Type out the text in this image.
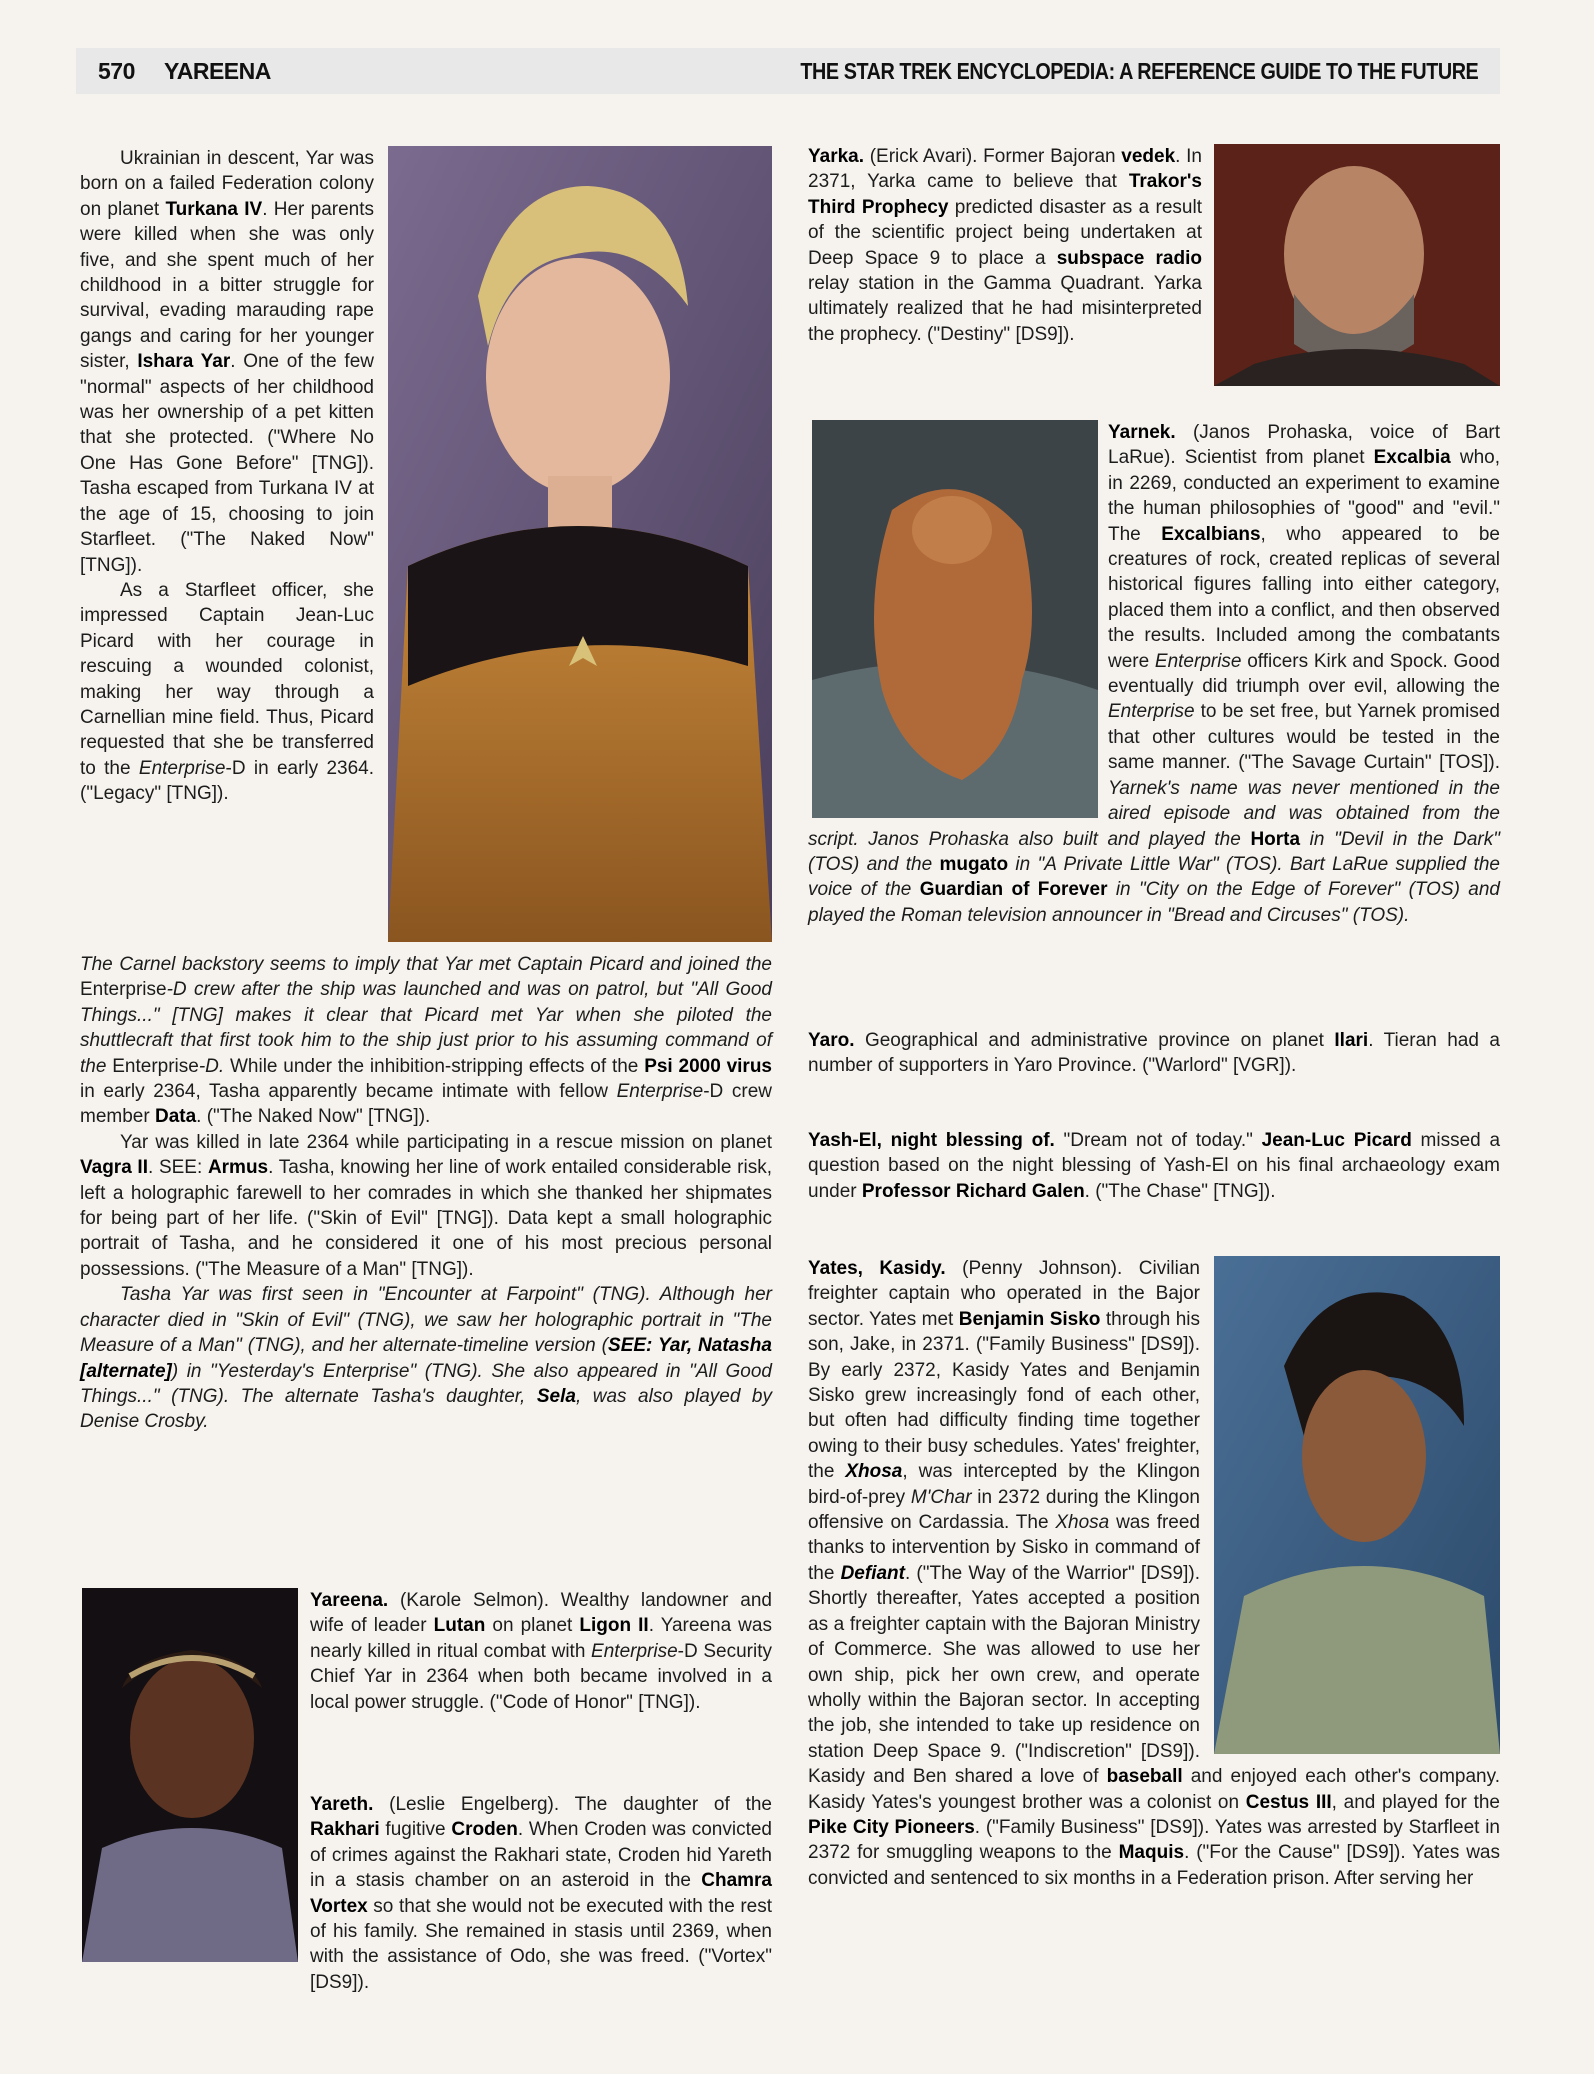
570 YAREENA	THE STAR TREK ENCYCLOPEDIA: A REFERENCE GUIDE TO THE FUTURE

Ukrainian in descent, Yar was born on a failed Federation colony on planet Turkana IV. Her parents were killed when she was only five, and she spent much of her childhood in a bitter struggle for survival, evading marauding rape gangs and caring for her younger sister, Ishara Yar. One of the few "normal" aspects of her childhood was her ownership of a pet kitten that she protected. ("Where No One Has Gone Before" [TNG]). Tasha escaped from Turkana IV at the age of 15, choosing to join Starfleet. ("The Naked Now" [TNG]).

As a Starfleet officer, she impressed Captain Jean-Luc Picard with her courage in rescuing a wounded colonist, making her way through a Carnellian mine field. Thus, Picard requested that she be transferred to the Enterprise-D in early 2364. ("Legacy" [TNG]).

The Carnel backstory seems to imply that Yar met Captain Picard and joined the Enterprise-D crew after the ship was launched and was on patrol, but "All Good Things..." [TNG] makes it clear that Picard met Yar when she piloted the shuttlecraft that first took him to the ship just prior to his assuming command of the Enterprise-D. While under the inhibition-stripping effects of the Psi 2000 virus in early 2364, Tasha apparently became intimate with fellow Enterprise-D crew member Data. ("The Naked Now" [TNG]).

Yar was killed in late 2364 while participating in a rescue mission on planet Vagra II. SEE: Armus. Tasha, knowing her line of work entailed considerable risk, left a holographic farewell to her comrades in which she thanked her shipmates for being part of her life. ("Skin of Evil" [TNG]). Data kept a small holographic portrait of Tasha, and he considered it one of his most precious personal possessions. ("The Measure of a Man" [TNG]).

Tasha Yar was first seen in "Encounter at Farpoint" (TNG). Although her character died in "Skin of Evil" (TNG), we saw her holographic portrait in "The Measure of a Man" (TNG), and her alternate-timeline version (SEE: Yar, Natasha [alternate]) in "Yesterday's Enterprise" (TNG). She also appeared in "All Good Things..." (TNG). The alternate Tasha's daughter, Sela, was also played by Denise Crosby.

Yareena. (Karole Selmon). Wealthy landowner and wife of leader Lutan on planet Ligon II. Yareena was nearly killed in ritual combat with Enterprise-D Security Chief Yar in 2364 when both became involved in a local power struggle. ("Code of Honor" [TNG]).

Yareth. (Leslie Engelberg). The daughter of the Rakhari fugitive Croden. When Croden was convicted of crimes against the Rakhari state, Croden hid Yareth in a stasis chamber on an asteroid in the Chamra Vortex so that she would not be executed with the rest of his family. She remained in stasis until 2369, when with the assistance of Odo, she was freed. ("Vortex" [DS9]).

Yarka. (Erick Avari). Former Bajoran vedek. In 2371, Yarka came to believe that Trakor's Third Prophecy predicted disaster as a result of the scientific project being undertaken at Deep Space 9 to place a subspace radio relay station in the Gamma Quadrant. Yarka ultimately realized that he had misinterpreted the prophecy. ("Destiny" [DS9]).

Yarnek. (Janos Prohaska, voice of Bart LaRue). Scientist from planet Excalbia who, in 2269, conducted an experiment to examine the human philosophies of "good" and "evil." The Excalbians, who appeared to be creatures of rock, created replicas of several historical figures falling into either category, placed them into a conflict, and then observed the results. Included among the combatants were Enterprise officers Kirk and Spock. Good eventually did triumph over evil, allowing the Enterprise to be set free, but Yarnek promised that other cultures would be tested in the same manner. ("The Savage Curtain" [TOS]). Yarnek's name was never mentioned in the aired episode and was obtained from the script. Janos Prohaska also built and played the Horta in "Devil in the Dark" (TOS) and the mugato in "A Private Little War" (TOS). Bart LaRue supplied the voice of the Guardian of Forever in "City on the Edge of Forever" (TOS) and played the Roman television announcer in "Bread and Circuses" (TOS).

Yaro. Geographical and administrative province on planet Ilari. Tieran had a number of supporters in Yaro Province. ("Warlord" [VGR]).

Yash-El, night blessing of. "Dream not of today." Jean-Luc Picard missed a question based on the night blessing of Yash-El on his final archaeology exam under Professor Richard Galen. ("The Chase" [TNG]).

Yates, Kasidy. (Penny Johnson). Civilian freighter captain who operated in the Bajor sector. Yates met Benjamin Sisko through his son, Jake, in 2371. ("Family Business" [DS9]). By early 2372, Kasidy Yates and Benjamin Sisko grew increasingly fond of each other, but often had difficulty finding time together owing to their busy schedules. Yates' freighter, the Xhosa, was intercepted by the Klingon bird-of-prey M'Char in 2372 during the Klingon offensive on Cardassia. The Xhosa was freed thanks to intervention by Sisko in command of the Defiant. ("The Way of the Warrior" [DS9]). Shortly thereafter, Yates accepted a position as a freighter captain with the Bajoran Ministry of Commerce. She was allowed to use her own ship, pick her own crew, and operate wholly within the Bajoran sector. In accepting the job, she intended to take up residence on station Deep Space 9. ("Indiscretion" [DS9]). Kasidy and Ben shared a love of baseball and enjoyed each other's company. Kasidy Yates's youngest brother was a colonist on Cestus III, and played for the Pike City Pioneers. ("Family Business" [DS9]). Yates was arrested by Starfleet in 2372 for smuggling weapons to the Maquis. ("For the Cause" [DS9]). Yates was convicted and sentenced to six months in a Federation prison. After serving her
